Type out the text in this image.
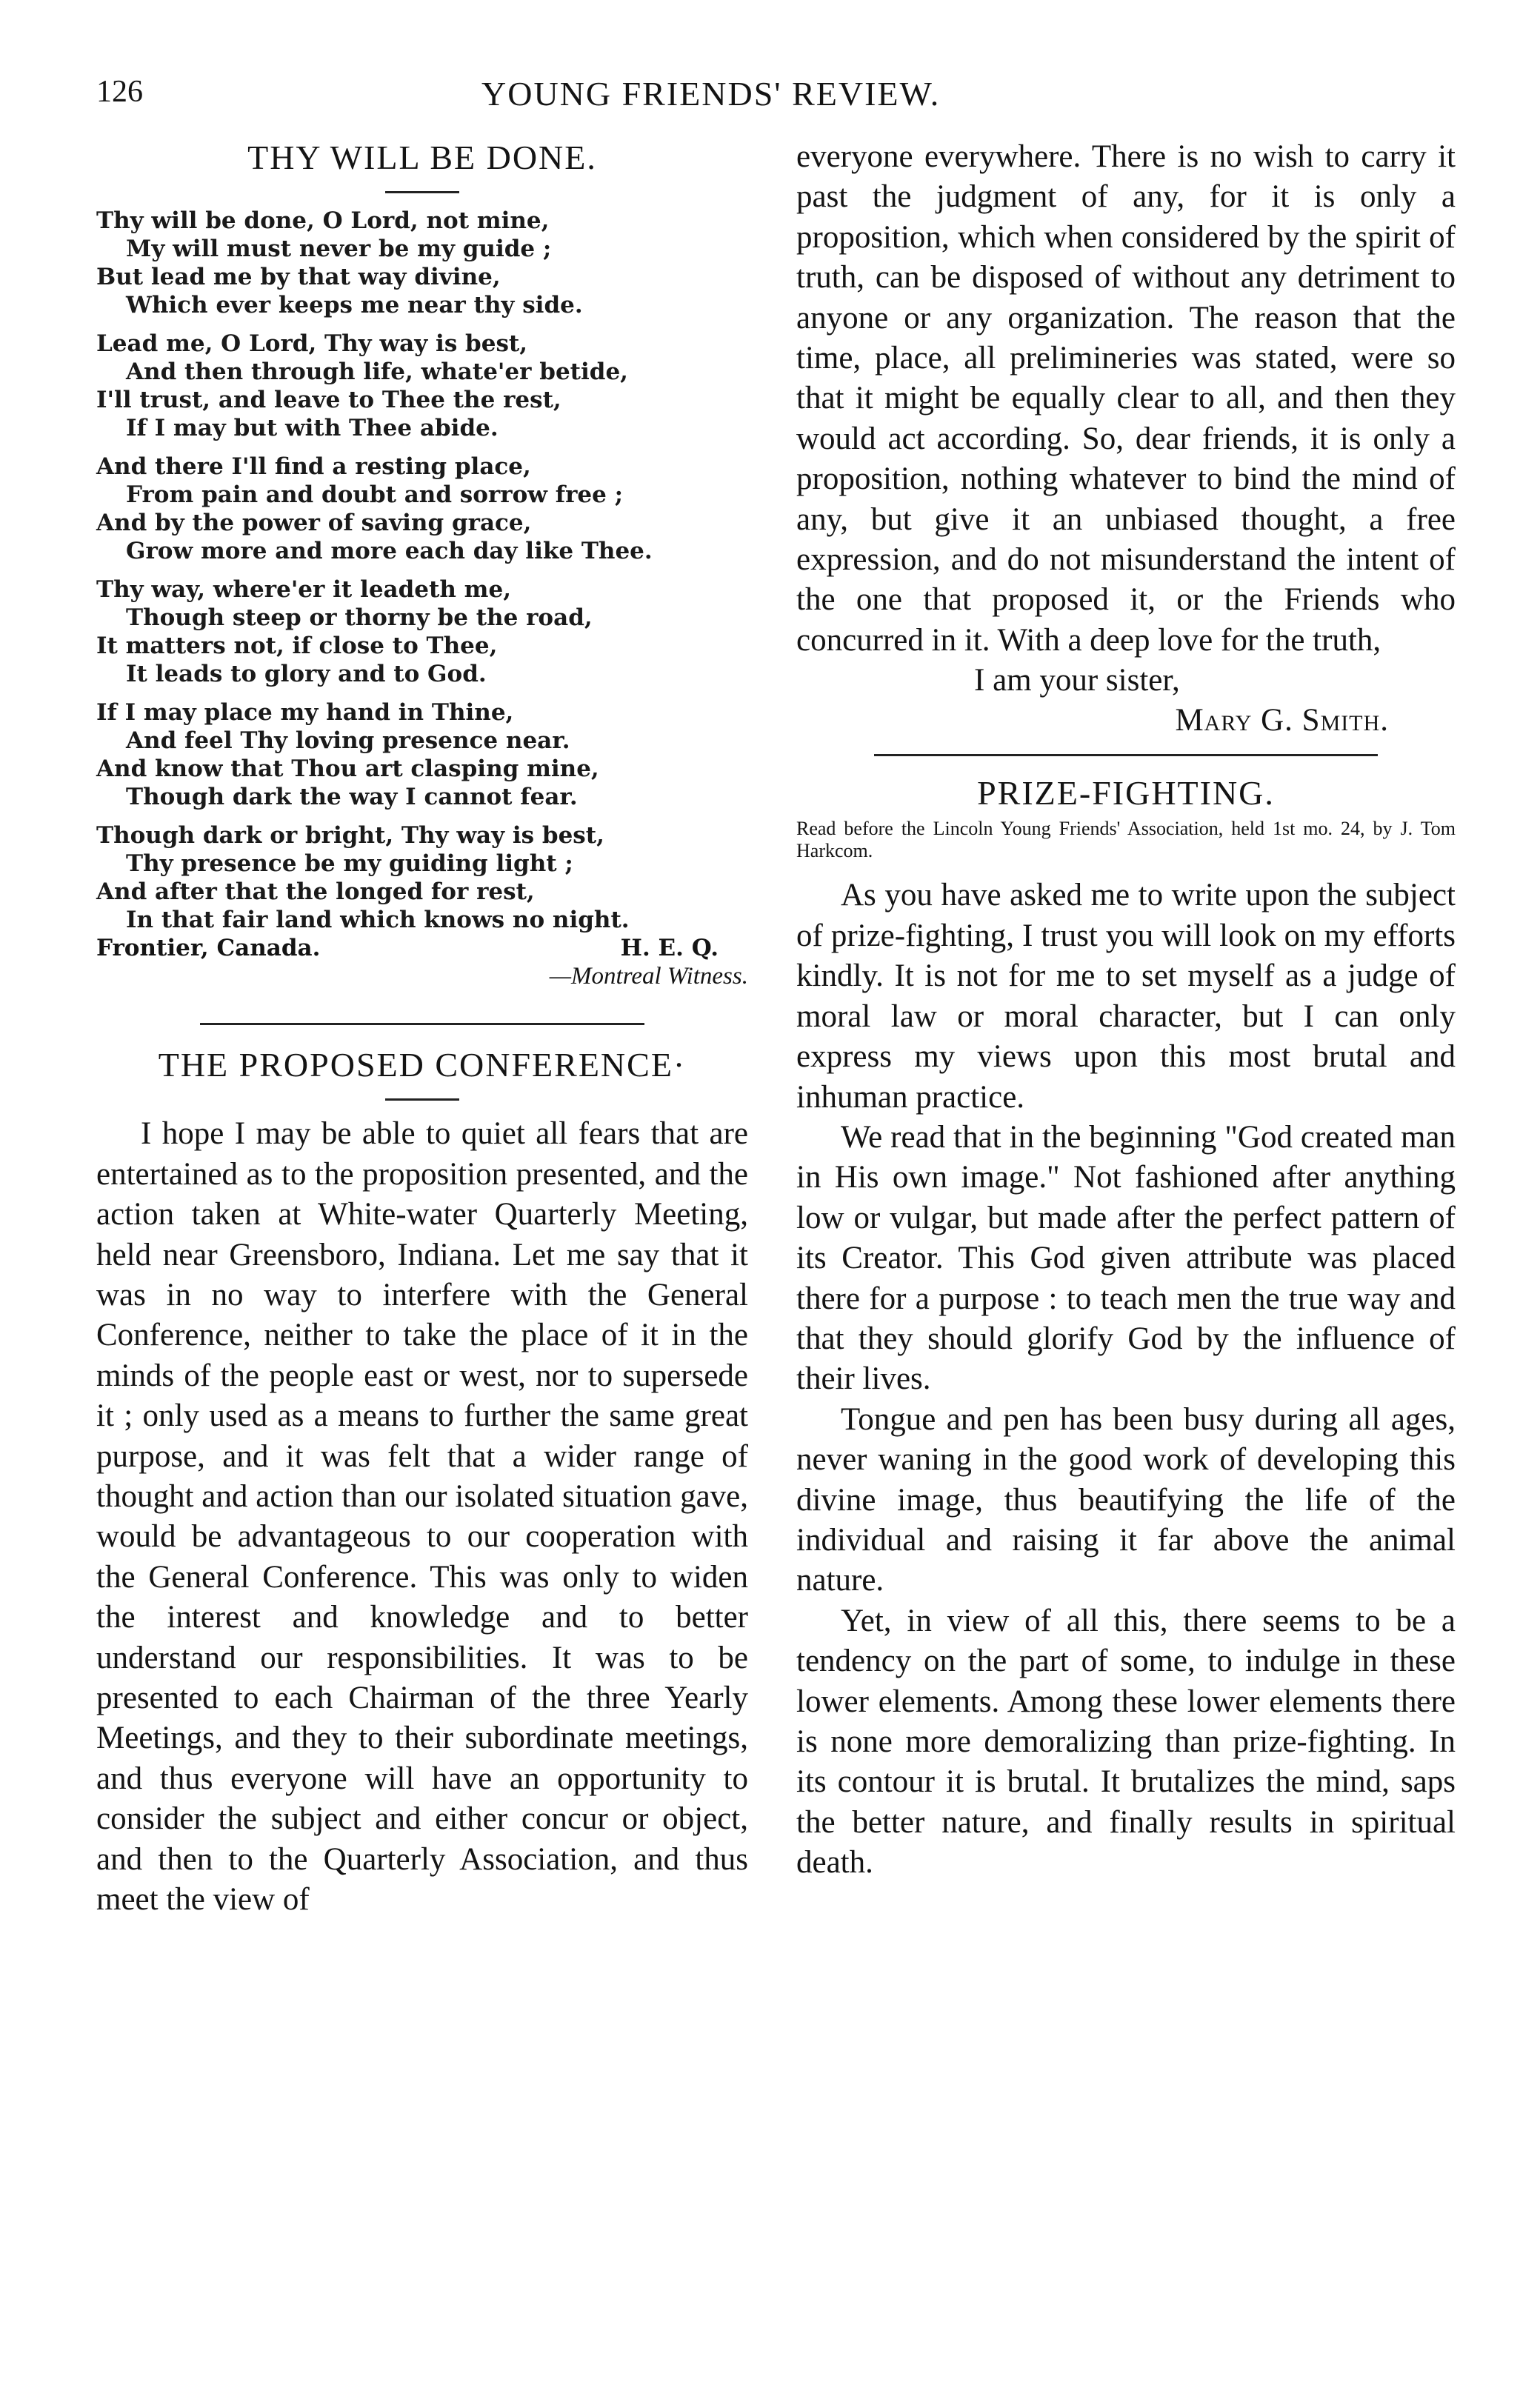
126	YOUNG FRIENDS' REVIEW.
THY WILL BE DONE.
Thy will be done, O Lord, not mine,
My will must never be my guide ;
But lead me by that way divine,
Which ever keeps me near thy side.
Lead me, O Lord, Thy way is best,
And then through life, whate'er betide,
I'll trust, and leave to Thee the rest,
If I may but with Thee abide.
And there I'll find a resting place,
From pain and doubt and sorrow free ;
And by the power of saving grace,
Grow more and more each day like Thee.
Thy way, where'er it leadeth me,
Though steep or thorny be the road,
It matters not, if close to Thee,
It leads to glory and to God.
If I may place my hand in Thine,
And feel Thy loving presence near.
And know that Thou art clasping mine,
Though dark the way I cannot fear.
Though dark or bright, Thy way is best,
Thy presence be my guiding light ;
And after that the longed for rest,
In that fair land which knows no night.
Frontier, Canada.	H. E. Q.
—Montreal Witness.
THE PROPOSED CONFERENCE·

I hope I may be able to quiet all fears that are entertained as to the proposition presented, and the action taken at White-water Quarterly Meeting, held near Greensboro, Indiana. Let me say that it was in no way to interfere with the General Conference, neither to take the place of it in the minds of the people east or west, nor to supersede it ; only used as a means to further the same great purpose, and it was felt that a wider range of thought and action than our isolated situation gave, would be advantageous to our cooperation with the General Conference. This was only to widen the interest and knowledge and to better understand our responsibilities. It was to be presented to each Chairman of the three Yearly Meetings, and they to their subordinate meetings, and thus everyone will have an opportunity to consider the subject and either concur or object, and then to the Quarterly Association, and thus meet the view of

everyone everywhere. There is no wish to carry it past the judgment of any, for it is only a proposition, which when considered by the spirit of truth, can be disposed of without any detriment to anyone or any organization. The reason that the time, place, all prelimineries was stated, were so that it might be equally clear to all, and then they would act according. So, dear friends, it is only a proposition, nothing whatever to bind the mind of any, but give it an unbiased thought, a free expression, and do not misunderstand the intent of the one that proposed it, or the Friends who concurred in it. With a deep love for the truth,

I am your sister,
Mary G. Smith.
PRIZE-FIGHTING.
Read before the Lincoln Young Friends' Association, held 1st mo. 24, by J. Tom Harkcom.

As you have asked me to write upon the subject of prize-fighting, I trust you will look on my efforts kindly. It is not for me to set myself as a judge of moral law or moral character, but I can only express my views upon this most brutal and inhuman practice.

We read that in the beginning "God created man in His own image." Not fashioned after anything low or vulgar, but made after the perfect pattern of its Creator. This God given attribute was placed there for a purpose : to teach men the true way and that they should glorify God by the influence of their lives.

Tongue and pen has been busy during all ages, never waning in the good work of developing this divine image, thus beautifying the life of the individual and raising it far above the animal nature.

Yet, in view of all this, there seems to be a tendency on the part of some, to indulge in these lower elements. Among these lower elements there is none more demoralizing than prize-fighting. In its contour it is brutal. It brutalizes the mind, saps the better nature, and finally results in spiritual death.
